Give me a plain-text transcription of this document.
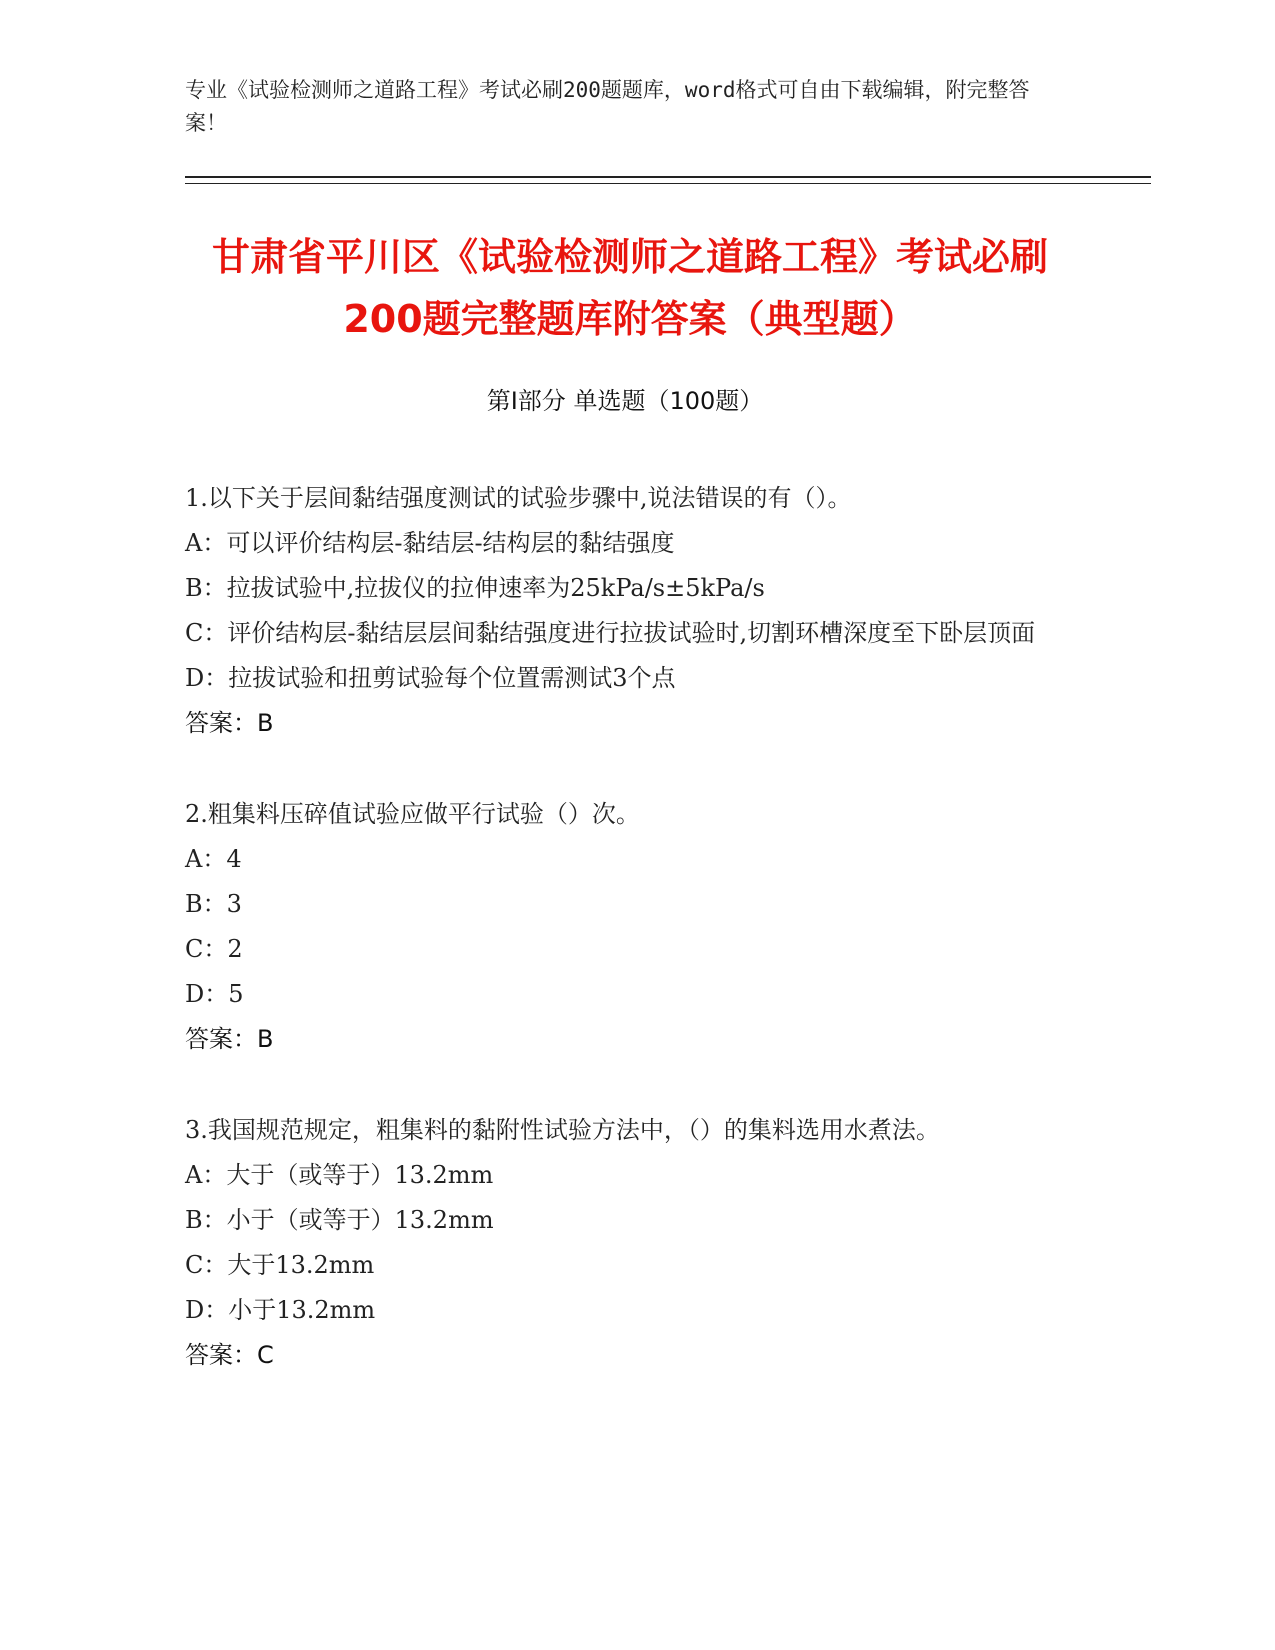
专业《试验检测师之道路工程》考试必刷200题题库，word格式可自由下载编辑，附完整答案！
甘肃省平川区《试验检测师之道路工程》考试必刷200题完整题库附答案（典型题）
第I部分 单选题（100题）
1.以下关于层间黏结强度测试的试验步骤中,说法错误的有（）。
A：可以评价结构层-黏结层-结构层的黏结强度
B：拉拔试验中,拉拔仪的拉伸速率为25kPa/s±5kPa/s
C：评价结构层-黏结层层间黏结强度进行拉拔试验时,切割环槽深度至下卧层顶面
D：拉拔试验和扭剪试验每个位置需测试3个点
答案：B
2.粗集料压碎值试验应做平行试验（）次。
A：4
B：3
C：2
D：5
答案：B
3.我国规范规定，粗集料的黏附性试验方法中，（）的集料选用水煮法。
A：大于（或等于）13.2mm
B：小于（或等于）13.2mm
C：大于13.2mm
D：小于13.2mm
答案：C
